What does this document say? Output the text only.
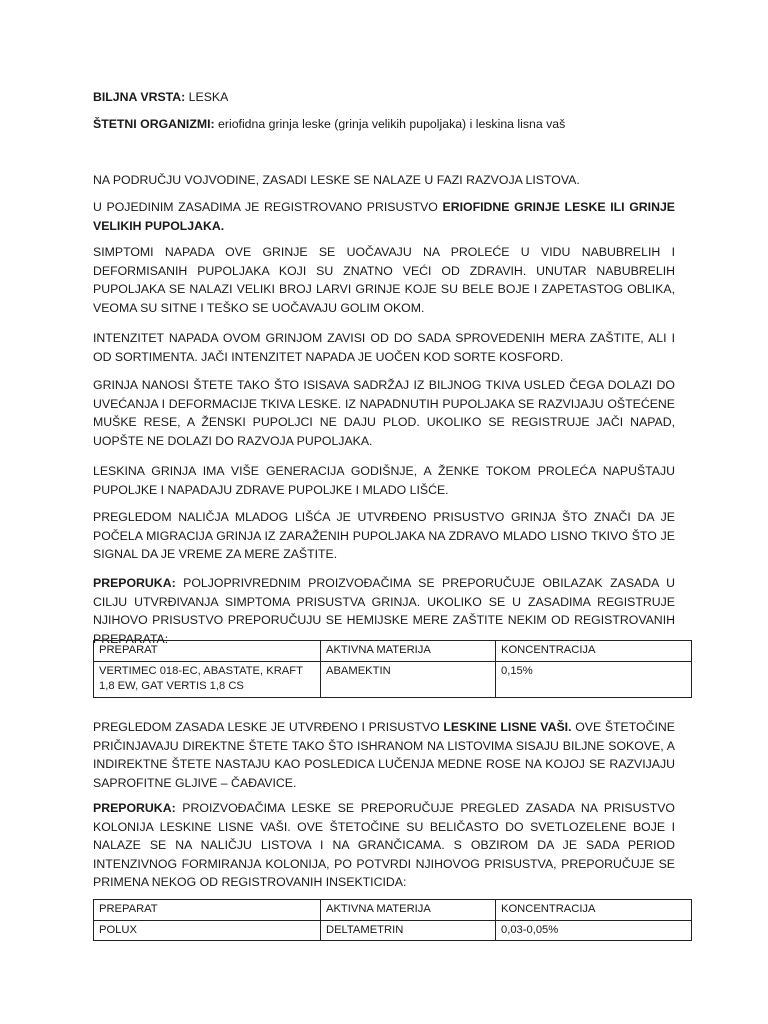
BILJNA VRSTA: LESKA

ŠTETNI ORGANIZMI: eriofidna grinja leske (grinja velikih pupoljaka) i leskina lisna vaš

NA PODRUČJU VOJVODINE, ZASADI LESKE SE NALAZE U FAZI RAZVOJA LISTOVA.

U POJEDINIM ZASADIMA JE REGISTROVANO PRISUSTVO ERIOFIDNE GRINJE LESKE ILI GRINJE VELIKIH PUPOLJAKA.

SIMPTOMI NAPADA OVE GRINJE SE UOČAVAJU NA PROLEĆE U VIDU NABUBRELIH I DEFORMISANIH PUPOLJAKA KOJI SU ZNATNO VEĆI OD ZDRAVIH. UNUTAR NABUBRELIH PUPOLJAKA SE NALAZI VELIKI BROJ LARVI GRINJE KOJE SU BELE BOJE I ZAPETASTOG OBLIKA, VEOMA SU SITNE I TEŠKO SE UOČAVAJU GOLIM OKOM.

INTENZITET NAPADA OVOM GRINJOM ZAVISI OD DO SADA SPROVEDENIH MERA ZAŠTITE, ALI I OD SORTIMENTA. JAČI INTENZITET NAPADA JE UOČEN KOD SORTE KOSFORD.

GRINJA NANOSI ŠTETE TAKO ŠTO ISISAVA SADRŽAJ IZ BILJNOG TKIVA USLED ČEGA DOLAZI DO UVEĆANJA I DEFORMACIJE TKIVA LESKE. IZ NAPADNUTIH PUPOLJAKA SE RAZVIJAJU OŠTEĆENE MUŠKE RESE, A ŽENSKI PUPOLJCI NE DAJU PLOD. UKOLIKO SE REGISTRUJE JAČI NAPAD, UOPŠTE NE DOLAZI DO RAZVOJA PUPOLJAKA.

LESKINA GRINJA IMA VIŠE GENERACIJA GODIŠNJE, A ŽENKE TOKOM PROLEĆA NAPUŠTAJU PUPOLJKE I NAPADAJU ZDRAVE PUPOLJKE I MLADO LIŠĆE.

PREGLEDOM NALIČJA MLADOG LIŠĆA JE UTVRĐENO PRISUSTVO GRINJA ŠTO ZNAČI DA JE POČELA MIGRACIJA GRINJA IZ ZARAŽENIH PUPOLJAKA NA ZDRAVO MLADO LISNO TKIVO ŠTO JE SIGNAL DA JE VREME ZA MERE ZAŠTITE.

PREPORUKA: POLJOPRIVREDNIM PROIZVOĐAČIMA SE PREPORUČUJE OBILAZAK ZASADA U CILJU UTVRĐIVANJA SIMPTOMA PRISUSTVA GRINJA. UKOLIKO SE U ZASADIMA REGISTRUJE NJIHOVO PRISUSTVO PREPORUČUJU SE HEMIJSKE MERE ZAŠTITE NEKIM OD REGISTROVANIH PREPARATA:

PREPARAT	AKTIVNA MATERIJA	KONCENTRACIJA
VERTIMEC 018-EC, ABASTATE, KRAFT 1,8 EW, GAT VERTIS 1,8 CS	ABAMEKTIN	0,15%

PREGLEDOM ZASADA LESKE JE UTVRĐENO I PRISUSTVO LESKINE LISNE VAŠI. OVE ŠTETOČINE PRIČINJAVAJU DIREKTNE ŠTETE TAKO ŠTO ISHRANOM NA LISTOVIMA SISAJU BILJNE SOKOVE, A INDIREKTNE ŠTETE NASTAJU KAO POSLEDICA LUČENJA MEDNE ROSE NA KOJOJ SE RAZVIJAJU SAPROFITNE GLJIVE – ČAĐAVICE.

PREPORUKA: PROIZVOĐAČIMA LESKE SE PREPORUČUJE PREGLED ZASADA NA PRISUSTVO KOLONIJA LESKINE LISNE VAŠI. OVE ŠTETOČINE SU BELIČASTO DO SVETLOZELENE BOJE I NALAZE SE NA NALIČJU LISTOVA I NA GRANČICAMA. S OBZIROM DA JE SADA PERIOD INTENZIVNOG FORMIRANJA KOLONIJA, PO POTVRDI NJIHOVOG PRISUSTVA, PREPORUČUJE SE PRIMENA NEKOG OD REGISTROVANIH INSEKTICIDA:

PREPARAT	AKTIVNA MATERIJA	KONCENTRACIJA
POLUX	DELTAMETRIN	0,03-0,05%
